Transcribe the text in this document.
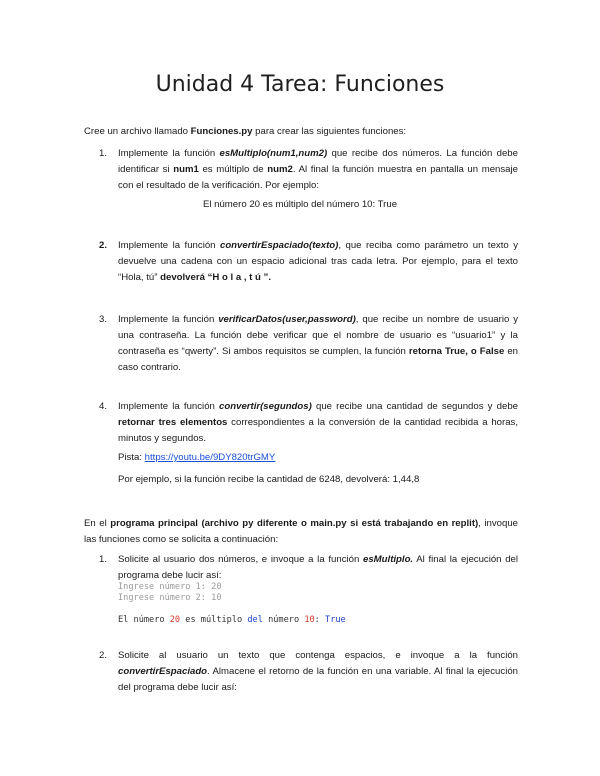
Unidad 4 Tarea: Funciones
Cree un archivo llamado Funciones.py para crear las siguientes funciones:
1. Implemente la función esMultiplo(num1,num2) que recibe dos números. La función debe identificar si num1 es múltiplo de num2. Al final la función muestra en pantalla un mensaje con el resultado de la verificación. Por ejemplo:
El número 20 es múltiplo del número 10: True
2. Implemente la función convertirEspaciado(texto), que reciba como parámetro un texto y devuelve una cadena con un espacio adicional tras cada letra. Por ejemplo, para el texto “Hola, tú” devolverá “H o l a , t ú ”.
3. Implemente la función verificarDatos(user,password), que recibe un nombre de usuario y una contraseña. La función debe verificar que el nombre de usuario es “usuario1” y la contraseña es “qwerty”. Si ambos requisitos se cumplen, la función retorna True, o False en caso contrario.
4. Implemente la función convertir(segundos) que recibe una cantidad de segundos y debe retornar tres elementos correspondientes a la conversión de la cantidad recibida a horas, minutos y segundos.
Pista: https://youtu.be/9DY820trGMY
Por ejemplo, si la función recibe la cantidad de 6248, devolverá: 1,44,8
En el programa principal (archivo py diferente o main.py si está trabajando en replit), invoque las funciones como se solicita a continuación:
1. Solicite al usuario dos números, e invoque a la función esMultiplo. Al final la ejecución del programa debe lucir así:
Ingrese número 1: 20
Ingrese número 2: 10

El número 20 es múltiplo del número 10: True
2. Solicite al usuario un texto que contenga espacios, e invoque a la función convertirEspaciado. Almacene el retorno de la función en una variable. Al final la ejecución del programa debe lucir así:
